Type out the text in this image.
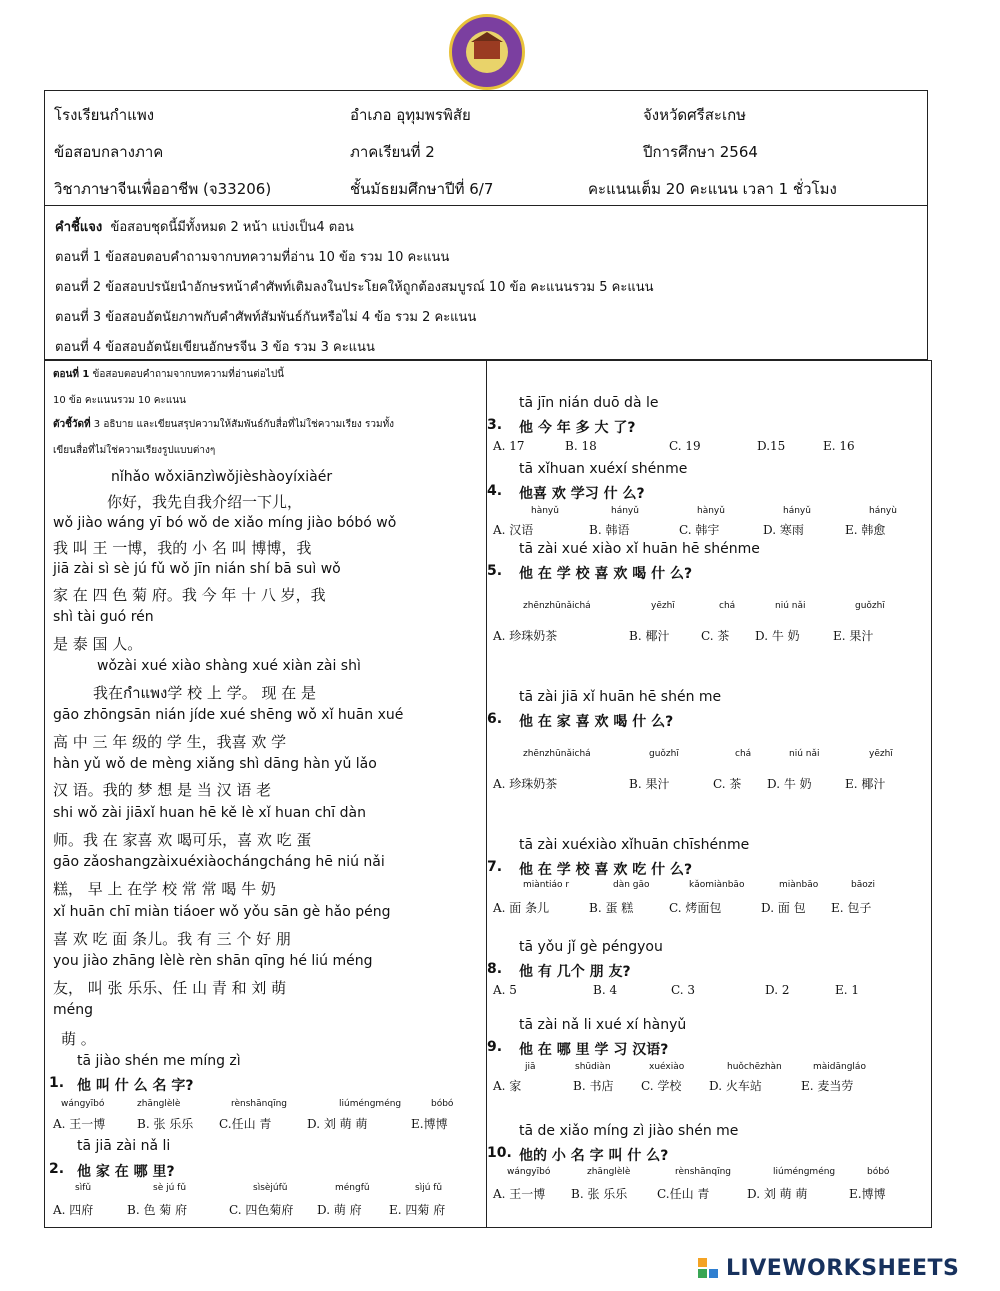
โรงเรียนกำแพง	อำเภอ อุทุมพรพิสัย	จังหวัดศรีสะเกษ
ข้อสอบกลางภาค	ภาคเรียนที่ 2	ปีการศึกษา 2564
วิชาภาษาจีนเพื่ออาชีพ (จ33206)	ชั้นมัธยมศึกษาปีที่ 6/7	คะแนนเต็ม 20 คะแนน เวลา 1 ชั่วโมง
คำชี้แจง ข้อสอบชุดนี้มีทั้งหมด 2 หน้า แบ่งเป็น4 ตอน
ตอนที่ 1 ข้อสอบตอบคำถามจากบทความที่อ่าน 10 ข้อ รวม 10 คะแนน
ตอนที่ 2 ข้อสอบปรนัยนำอักษรหน้าคำศัพท์เติมลงในประโยคให้ถูกต้องสมบูรณ์ 10 ข้อ คะแนนรวม 5 คะแนน
ตอนที่ 3 ข้อสอบอัตนัยภาพกับคำศัพท์สัมพันธ์กันหรือไม่ 4 ข้อ รวม 2 คะแนน
ตอนที่ 4 ข้อสอบอัตนัยเขียนอักษรจีน 3 ข้อ รวม 3 คะแนน
ตอนที่ 1 ข้อสอบตอบคำถามจากบทความที่อ่านต่อไปนี้
10 ข้อ คะแนนรวม 10 คะแนน
ตัวชี้วัดที่ 3 อธิบาย และเขียนสรุปความให้สัมพันธ์กับสื่อที่ไม่ใช่ความเรียง รวมทั้ง
เขียนสื่อที่ไม่ใช่ความเรียงรูปแบบต่างๆ
nǐhǎo wǒxiānzìwǒjièshàoyíxiàér
你好，我先自我介绍一下儿，
wǒ jiào wáng yī bó wǒ de xiǎo míng jiào bóbó wǒ
我 叫 王 一博，我的 小 名 叫 博博，我
jiā zài sì sè jú fǔ wǒ jīn nián shí bā suì wǒ
家 在 四 色 菊 府。我 今 年 十 八 岁，我
shì tài guó rén
是 泰 国 人。
wǒzài xué xiào shàng xué xiàn zài shì
我在กำแพง学 校 上 学。 现 在 是
gāo zhōngsān nián jíde xué shēng wǒ xǐ huān xué
高 中 三 年 级的 学 生，我喜 欢 学
hàn yǔ wǒ de mèng xiǎng shì dāng hàn yǔ lǎo
汉 语。我的 梦 想 是 当 汉 语 老
shi wǒ zài jiāxǐ huan hē kě lè xǐ huan chī dàn
师。我 在 家喜 欢 喝可乐，喜 欢 吃 蛋
gāo zǎoshangzàixuéxiàochángcháng hē niú nǎi
糕， 早 上 在学 校 常 常 喝 牛 奶
xǐ huān chī miàn tiáoer wǒ yǒu sān gè hǎo péng
喜 欢 吃 面 条儿。我 有 三 个 好 朋
you jiào zhāng lèlè rèn shān qīng hé liú méng
友， 叫 张 乐乐、任 山 青 和 刘 萌
méng
萌 。
tā jiào shén me míng zì
1. 他 叫 什 么 名 字?
wángyībó	zhānglèlè	rènshānqīng	liúméngméng	bóbó
A. 王一博	B. 张 乐乐 C.任山 青	D. 刘 萌 萌	E.博博
tā jiā zài nǎ li
2. 他 家 在 哪 里?
sìfǔ	sè jú fǔ	sìsèjúfǔ	méngfǔ	sìjú fǔ
A. 四府	B. 色 菊 府	C. 四色菊府 D. 萌 府 E. 四菊 府
tā jīn nián duō dà le
3. 他 今 年 多 大 了?
A. 17	B. 18	C. 19	D.15	E. 16
tā xǐhuan xuéxí shénme
4. 他喜 欢 学习 什 么?
hànyǔ	hányǔ	hànyǔ	hányǔ	hányù
A. 汉语	B. 韩语	C. 韩宇	D. 寒雨	E. 韩愈
tā zài xué xiào xǐ huān hē shénme
5. 他 在 学 校 喜 欢 喝 什 么?
zhēnzhūnǎichá	yēzhī	chá	niú nǎi	guǒzhī
A. 珍珠奶茶	B. 椰汁	C. 茶 D. 牛 奶	E. 果汁
tā zài jiā xǐ huān hē shén me
6. 他 在 家 喜 欢 喝 什 么?
zhēnzhūnǎichá	guǒzhī	chá	niú nǎi	yēzhī
A. 珍珠奶茶	B. 果汁	C. 茶 D. 牛 奶	E. 椰汁
tā zài xuéxiào xǐhuān chīshénme
7. 他 在 学 校 喜 欢 吃 什 么?
miàntiáo r	dàn gāo	kǎomiànbāo	miànbāo	bāozi
A. 面 条儿	B. 蛋 糕	C. 烤面包	D. 面 包 E. 包子
tā yǒu jǐ gè péngyou
8. 他 有 几个 朋 友?
A. 5	B. 4	C. 3	D. 2	E. 1
tā zài nǎ li xué xí hànyǔ
9. 他 在 哪 里 学 习 汉语?
jiā	shūdiàn	xuéxiào	huǒchēzhàn	màidāngláo
A. 家	B. 书店 C. 学校 D. 火车站	E. 麦当劳
tā de xiǎo míng zì jiào shén me
10. 他的 小 名 字 叫 什 么?
wángyībó	zhānglèlè	rènshānqīng	liúméngméng	bóbó
A. 王一博 B. 张 乐乐 C.任山 青	D. 刘 萌 萌	E.博博
LIVEWORKSHEETS
